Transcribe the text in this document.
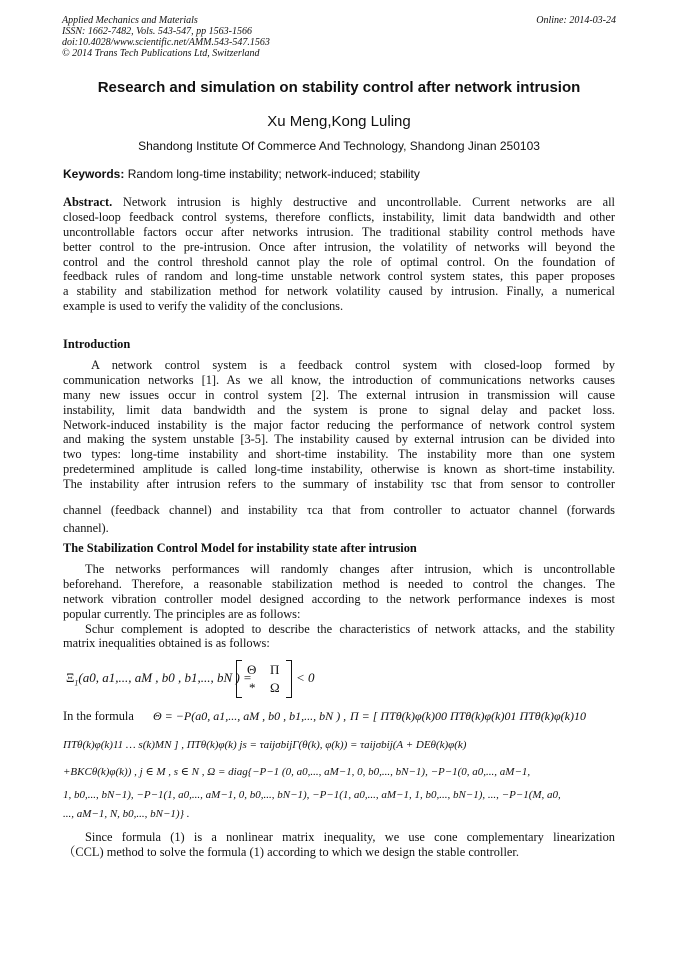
Applied Mechanics and Materials
ISSN: 1662-7482, Vols. 543-547, pp 1563-1566
doi:10.4028/www.scientific.net/AMM.543-547.1563
© 2014 Trans Tech Publications Ltd, Switzerland
Online: 2014-03-24
Research and simulation on stability control after network intrusion
Xu Meng,Kong Luling
Shandong Institute Of Commerce And Technology, Shandong Jinan 250103
Keywords: Random long-time instability; network-induced; stability
Abstract. Network intrusion is highly destructive and uncontrollable. Current networks are all
closed-loop feedback control systems, therefore conflicts, instability, limit data bandwidth and other
uncontrollable factors occur after networks intrusion. The traditional stability control methods have
better control to the pre-intrusion. Once after intrusion, the volatility of networks will beyond the
control and the control threshold cannot play the role of optimal control. On the foundation of
feedback rules of random and long-time unstable network control system states, this paper proposes
a stability and stabilization method for network volatility caused by intrusion. Finally, a numerical
example is used to verify the validity of the conclusions.
Introduction
A network control system is a feedback control system with closed-loop formed by
communication networks [1]. As we all know, the introduction of communications networks causes
many new issues occur in control system [2]. The external intrusion in transmission will cause
instability, limit data bandwidth and the system is prone to signal delay and packet loss.
Network-induced instability is the major factor reducing the performance of network control system
and making the system unstable [3-5]. The instability caused by external intrusion can be divided into
two types: long-time instability and short-time instability. The instability more than one system
predetermined amplitude is called long-time instability, otherwise is known as short-time instability.
The instability after intrusion refers to the summary of instability τsc that from sensor to controller
channel (feedback channel) and instability τca that from controller to actuator channel (forwards
channel).
The Stabilization Control Model for instability state after intrusion
The networks performances will randomly changes after intrusion, which is uncontrollable
beforehand. Therefore, a reasonable stabilization method is needed to control the changes. The
network vibration controller model designed according to the network performance indexes is most
popular currently. The principles are as follows:
Schur complement is adopted to describe the characteristics of network attacks, and the stability
matrix inequalities obtained is as follows:
$\Xi_1(a0$, a1,..., aM , b0 , b1,..., bN ) =
Θ Π
* Ω
< 0
In the formula Θ = −P(a0, a1,..., aM , b0 , b1,..., bN ) , Π = [ ΠTθ(k)φ(k)00 ΠTθ(k)φ(k)01 ΠTθ(k)φ(k)10
ΠTθ(k)φ(k)11 … s(k)MN ] , ΠTθ(k)φ(k) js = τaijσbijΓ(θ(k), φ(k)) = τaijσbij(A + DEθ(k)φ(k)
+BKCθ(k)φ(k)) , j ∈ M , s ∈ N , Ω = diag{−P−1 (0, a0,..., aM−1, 0, b0,..., bN−1), −P−1(0, a0,..., aM−1,
1, b0,..., bN−1), −P−1(1, a0,..., aM−1, 0, b0,..., bN−1), −P−1(1, a0,..., aM−1, 1, b0,..., bN−1), ..., −P−1(M, a0,
..., aM−1, N, b0,..., bN−1)} .
Since formula (1) is a nonlinear matrix inequality, we use cone complementary linearization
（CCL) method to solve the formula (1) according to which we design the stable controller.
